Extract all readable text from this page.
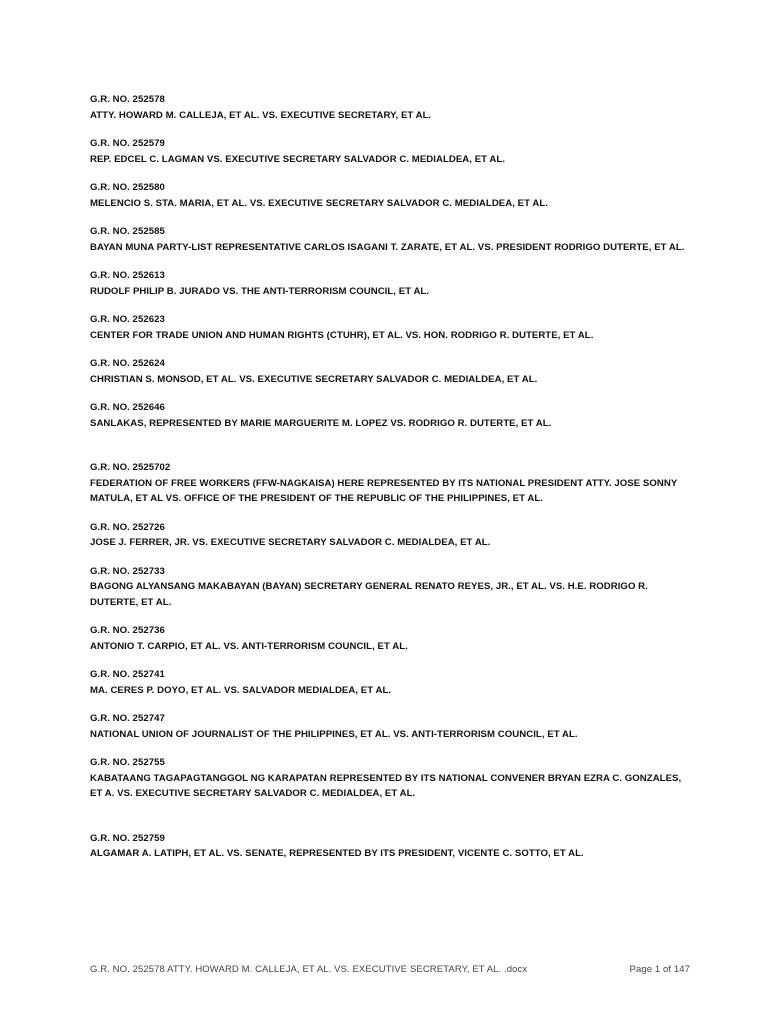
G.R. NO. 252578
ATTY. HOWARD M. CALLEJA, ET AL. VS. EXECUTIVE SECRETARY, ET AL.
G.R. NO. 252579
REP. EDCEL C. LAGMAN VS. EXECUTIVE SECRETARY SALVADOR C. MEDIALDEA, ET AL.
G.R. NO. 252580
MELENCIO S. STA. MARIA, ET AL. VS. EXECUTIVE SECRETARY SALVADOR C. MEDIALDEA, ET AL.
G.R. NO. 252585
BAYAN MUNA PARTY-LIST REPRESENTATIVE CARLOS ISAGANI T. ZARATE, ET AL. VS. PRESIDENT RODRIGO DUTERTE, ET AL.
G.R. NO. 252613
RUDOLF PHILIP B. JURADO VS. THE ANTI-TERRORISM COUNCIL, ET AL.
G.R. NO. 252623
CENTER FOR TRADE UNION AND HUMAN RIGHTS (CTUHR), ET AL. VS. HON. RODRIGO R. DUTERTE, ET AL.
G.R. NO. 252624
CHRISTIAN S. MONSOD, ET AL. VS. EXECUTIVE SECRETARY SALVADOR C. MEDIALDEA, ET AL.
G.R. NO. 252646
SANLAKAS, REPRESENTED BY MARIE MARGUERITE M. LOPEZ VS. RODRIGO R. DUTERTE, ET AL.
G.R. NO. 2525702
FEDERATION OF FREE WORKERS (FFW-NAGKAISA) HERE REPRESENTED BY ITS NATIONAL PRESIDENT ATTY. JOSE SONNY MATULA, ET AL VS. OFFICE OF THE PRESIDENT OF THE REPUBLIC OF THE PHILIPPINES, ET AL.
G.R. NO. 252726
JOSE J. FERRER, JR. VS. EXECUTIVE SECRETARY SALVADOR C. MEDIALDEA, ET AL.
G.R. NO. 252733
BAGONG ALYANSANG MAKABAYAN (BAYAN) SECRETARY GENERAL RENATO REYES, JR., ET AL. VS. H.E. RODRIGO R. DUTERTE, ET AL.
G.R. NO. 252736
ANTONIO T. CARPIO, ET AL. VS. ANTI-TERRORISM COUNCIL, ET AL.
G.R. NO. 252741
MA. CERES P. DOYO, ET AL. VS. SALVADOR MEDIALDEA, ET AL.
G.R. NO. 252747
NATIONAL UNION OF JOURNALIST OF THE PHILIPPINES, ET AL. VS. ANTI-TERRORISM COUNCIL, ET AL.
G.R. NO. 252755
KABATAANG TAGAPAGTANGGOL NG KARAPATAN REPRESENTED BY ITS NATIONAL CONVENER BRYAN EZRA C. GONZALES, ET A. VS. EXECUTIVE SECRETARY SALVADOR C. MEDIALDEA, ET AL.
G.R. NO. 252759
ALGAMAR A. LATIPH, ET AL. VS. SENATE, REPRESENTED BY ITS PRESIDENT, VICENTE C. SOTTO, ET AL.
G.R. NO. 252578 ATTY. HOWARD M. CALLEJA, ET AL. VS. EXECUTIVE SECRETARY, ET AL. .docx	Page 1 of 147
